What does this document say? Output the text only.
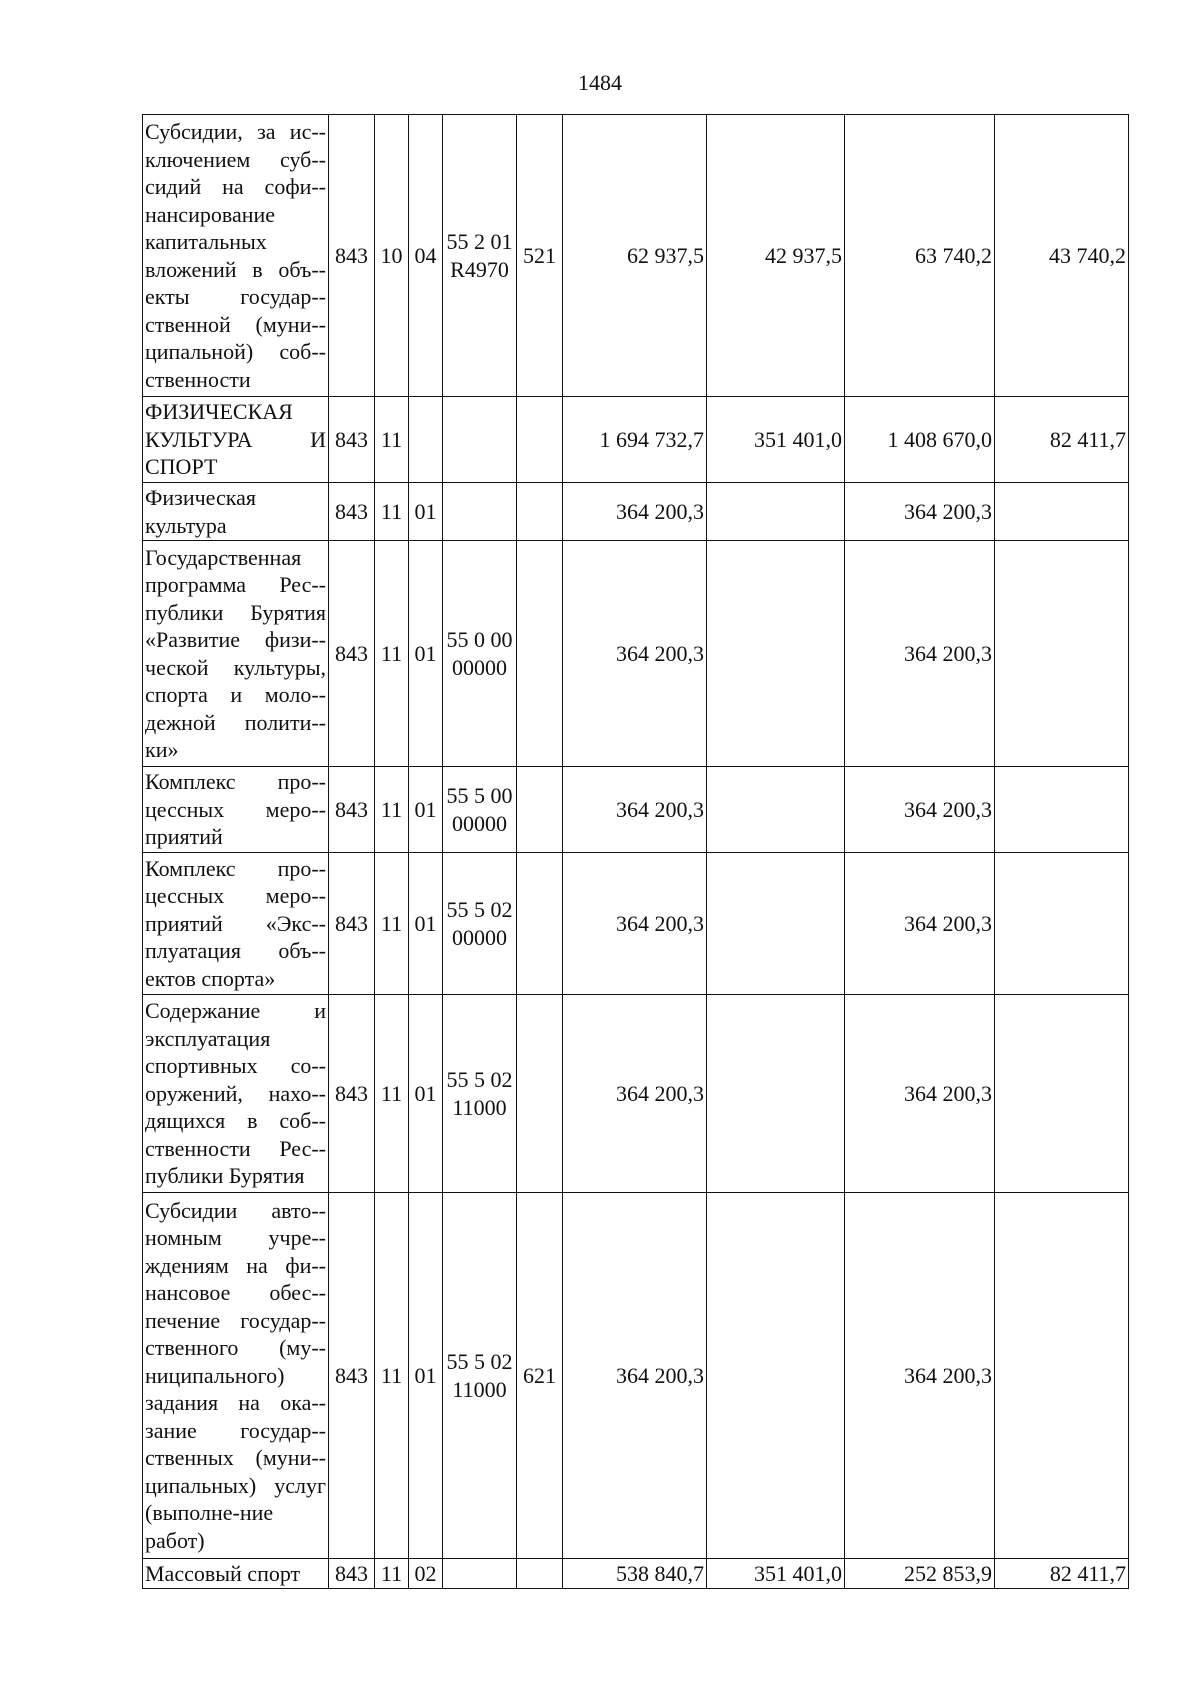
1484
Субсидии, за ис-ключением суб-сидий на софи-нансирование капитальных вложений в объ-екты государ-ственной (муни-ципальной) соб-ственности	843	10	04	55 2 01 R4970	521	62 937,5	42 937,5	63 740,2	43 740,2
ФИЗИЧЕСКАЯ КУЛЬТУРА И СПОРТ	843	11				1 694 732,7	351 401,0	1 408 670,0	82 411,7
Физическая культура	843	11	01			364 200,3		364 200,3	
Государственная программа Рес-публики Бурятия «Развитие физи-ческой культуры, спорта и моло-дежной полити-ки»	843	11	01	55 0 00 00000		364 200,3		364 200,3	
Комплекс про-цессных меро-приятий	843	11	01	55 5 00 00000		364 200,3		364 200,3	
Комплекс про-цессных меро-приятий «Экс-плуатация объ-ектов спорта»	843	11	01	55 5 02 00000		364 200,3		364 200,3	
Содержание и эксплуатация спортивных со-оружений, нахо-дящихся в соб-ственности Рес-публики Бурятия	843	11	01	55 5 02 11000		364 200,3		364 200,3	
Субсидии авто-номным учре-ждениям на фи-нансовое обес-печение государ-ственного (му-ниципального) задания на ока-зание государ-ственных (муни-ципальных) услуг (выполне-ние работ)	843	11	01	55 5 02 11000	621	364 200,3		364 200,3	
Массовый спорт	843	11	02			538 840,7	351 401,0	252 853,9	82 411,7
